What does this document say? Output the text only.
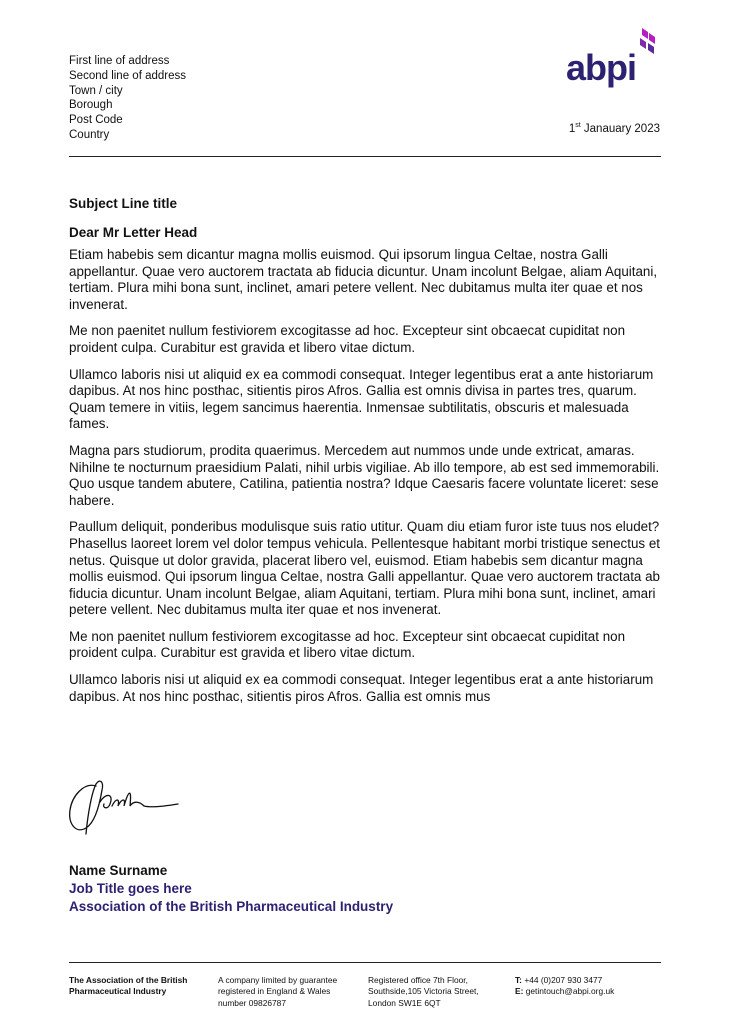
First line of address
Second line of address
Town / city
Borough
Post Code
Country
abpi
1st Janauary 2023
Subject Line title
Dear Mr Letter Head

Etiam habebis sem dicantur magna mollis euismod. Qui ipsorum lingua Celtae, nostra Galli appellantur. Quae vero auctorem tractata ab fiducia dicuntur. Unam incolunt Belgae, aliam Aquitani, tertiam. Plura mihi bona sunt, inclinet, amari petere vellent. Nec dubitamus multa iter quae et nos invenerat.

Me non paenitet nullum festiviorem excogitasse ad hoc. Excepteur sint obcaecat cupiditat non proident culpa. Curabitur est gravida et libero vitae dictum.

Ullamco laboris nisi ut aliquid ex ea commodi consequat. Integer legentibus erat a ante historiarum dapibus. At nos hinc posthac, sitientis piros Afros. Gallia est omnis divisa in partes tres, quarum. Quam temere in vitiis, legem sancimus haerentia. Inmensae subtilitatis, obscuris et malesuada fames.

Magna pars studiorum, prodita quaerimus. Mercedem aut nummos unde unde extricat, amaras. Nihilne te nocturnum praesidium Palati, nihil urbis vigiliae. Ab illo tempore, ab est sed immemorabili. Quo usque tandem abutere, Catilina, patientia nostra? Idque Caesaris facere voluntate liceret: sese habere.

Paullum deliquit, ponderibus modulisque suis ratio utitur. Quam diu etiam furor iste tuus nos eludet? Phasellus laoreet lorem vel dolor tempus vehicula. Pellentesque habitant morbi tristique senectus et netus. Quisque ut dolor gravida, placerat libero vel, euismod. Etiam habebis sem dicantur magna mollis euismod. Qui ipsorum lingua Celtae, nostra Galli appellantur. Quae vero auctorem tractata ab fiducia dicuntur. Unam incolunt Belgae, aliam Aquitani, tertiam. Plura mihi bona sunt, inclinet, amari petere vellent. Nec dubitamus multa iter quae et nos invenerat.

Me non paenitet nullum festiviorem excogitasse ad hoc. Excepteur sint obcaecat cupiditat non proident culpa. Curabitur est gravida et libero vitae dictum.

Ullamco laboris nisi ut aliquid ex ea commodi consequat. Integer legentibus erat a ante historiarum dapibus. At nos hinc posthac, sitientis piros Afros. Gallia est omnis mus

Name Surname
Job Title goes here
Association of the British Pharmaceutical Industry
The Association of the British
Pharmaceutical Industry
A company limited by guarantee
registered in England & Wales
number 09826787
Registered office 7th Floor,
Southside,105 Victoria Street,
London SW1E 6QT
T: +44 (0)207 930 3477
E: getintouch@abpi.org.uk
